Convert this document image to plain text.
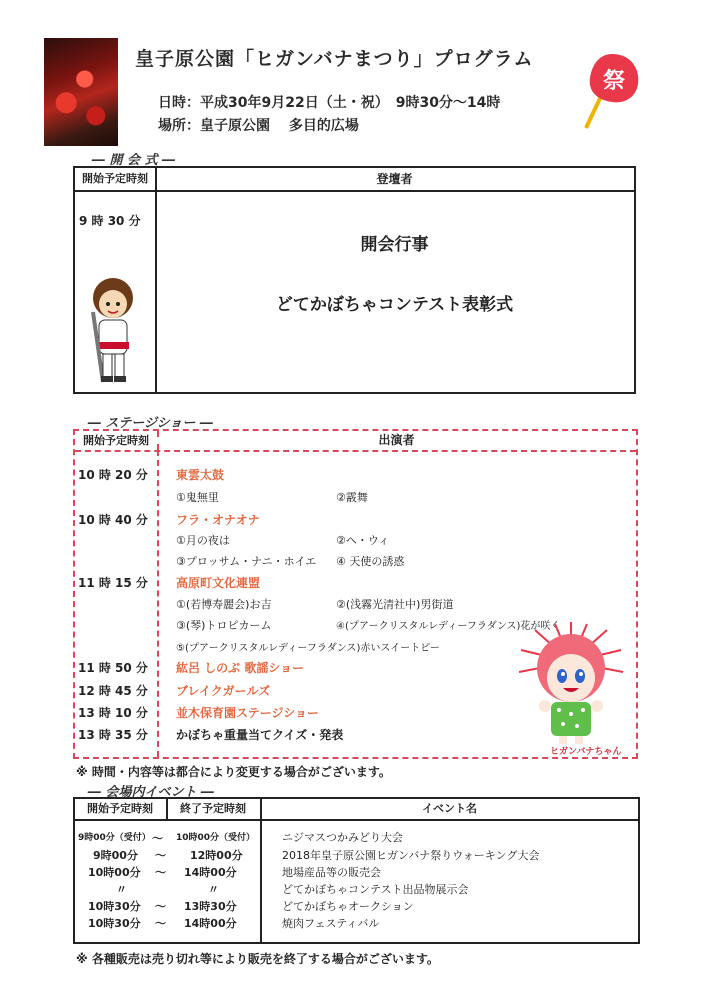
皇子原公園「ヒガンバナまつり」プログラム
日時：平成30年9月22日（土・祝）　9時30分～14時
場所：皇子原公園　 多目的広場
祭
― 開 会 式 ―
開始予定時刻	登壇者
9 時 30 分
開会行事
どてかぼちゃコンテスト表彰式
― ステージショー ―
開始予定時刻	出演者
10 時 20 分 東雲太鼓
①鬼無里	②霰舞
10 時 40 分 フラ・オナオナ
①月の夜は	②ヘ・ウィ
③プロッサム・ナニ・ホイエ ④ 天使の誘惑
11 時 15 分 高原町文化連盟
①(若博寿麗会)お吉	②(浅霧光清社中)男街道
③(琴)トロピカーム	④(プアークリスタルレディーフラダンス)花が咲く
⑤(プアークリスタルレディーフラダンス)赤いスイートピー
11 時 50 分 紘呂 しのぶ 歌謡ショー
12 時 45 分 ブレイクガールズ
13 時 10 分 並木保育園ステージショー
13 時 35 分 かぼちゃ重量当てクイズ・発表
ヒガンバナちゃん
※ 時間・内容等は都合により変更する場合がございます。
― 会場内イベント ―
開始予定時刻	終了予定時刻	イベント名
9時00分（受付） ～ 10時00分（受付） ニジマスつかみどり大会
9時00分 ～ 12時00分	2018年皇子原公園ヒガンバナ祭りウォーキング大会
10時00分 ～ 14時00分	地場産品等の販売会
〃	〃	どてかぼちゃコンテスト出品物展示会
10時30分 ～ 13時30分	どてかぼちゃオークション
10時30分 ～ 14時00分	焼肉フェスティバル
※ 各種販売は売り切れ等により販売を終了する場合がございます。
